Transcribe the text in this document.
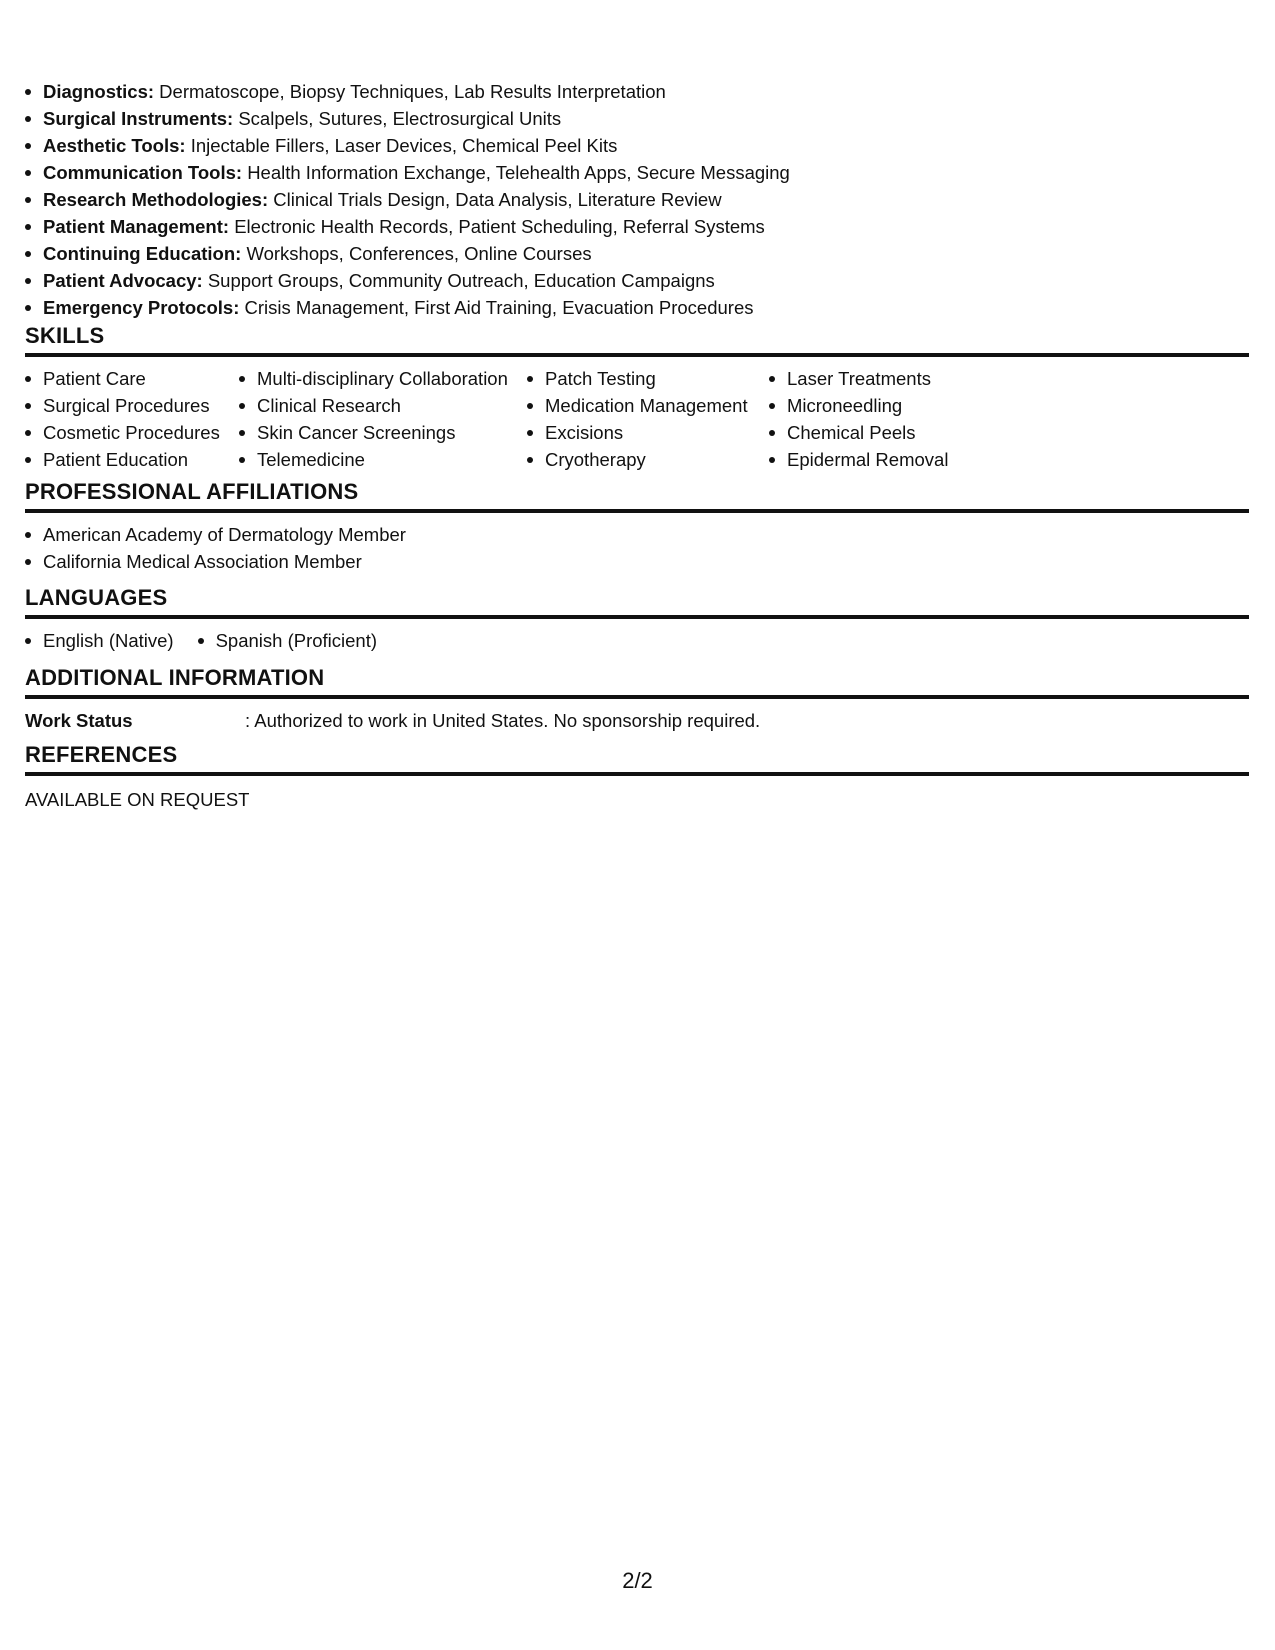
Diagnostics: Dermatoscope, Biopsy Techniques, Lab Results Interpretation
Surgical Instruments: Scalpels, Sutures, Electrosurgical Units
Aesthetic Tools: Injectable Fillers, Laser Devices, Chemical Peel Kits
Communication Tools: Health Information Exchange, Telehealth Apps, Secure Messaging
Research Methodologies: Clinical Trials Design, Data Analysis, Literature Review
Patient Management: Electronic Health Records, Patient Scheduling, Referral Systems
Continuing Education: Workshops, Conferences, Online Courses
Patient Advocacy: Support Groups, Community Outreach, Education Campaigns
Emergency Protocols: Crisis Management, First Aid Training, Evacuation Procedures
SKILLS
Patient Care
Surgical Procedures
Cosmetic Procedures
Patient Education
Multi-disciplinary Collaboration
Clinical Research
Skin Cancer Screenings
Telemedicine
Patch Testing
Medication Management
Excisions
Cryotherapy
Laser Treatments
Microneedling
Chemical Peels
Epidermal Removal
PROFESSIONAL AFFILIATIONS
American Academy of Dermatology Member
California Medical Association Member
LANGUAGES
English (Native)	Spanish (Proficient)
ADDITIONAL INFORMATION
Work Status	: Authorized to work in United States. No sponsorship required.
REFERENCES
AVAILABLE ON REQUEST
2/2
